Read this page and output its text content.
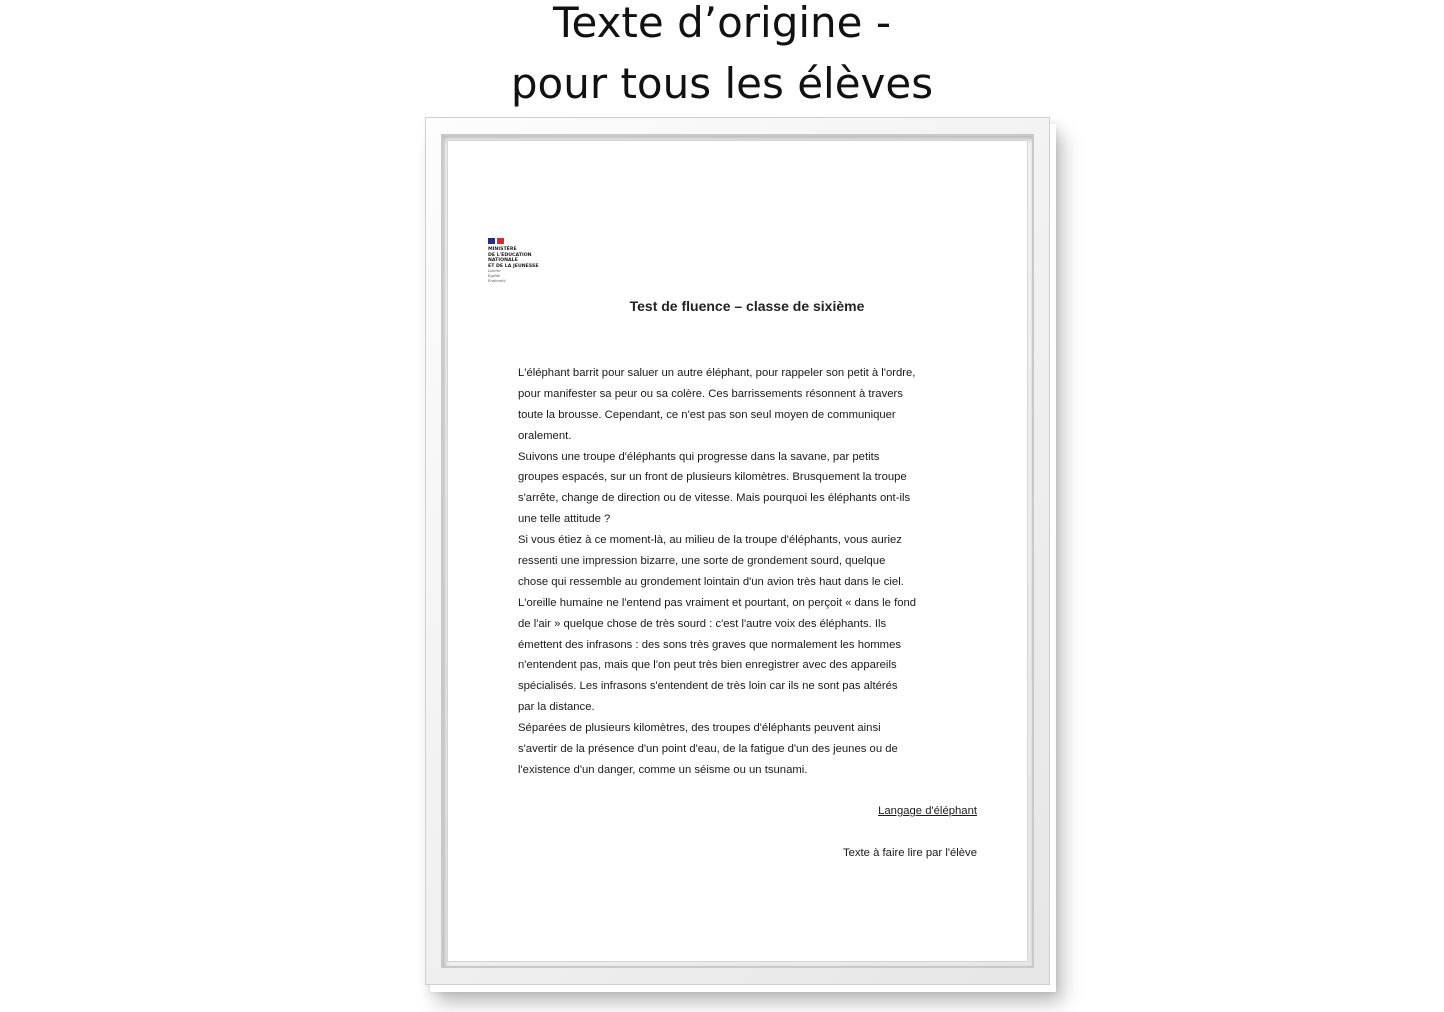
Texte d’origine -
pour tous les élèves
MINISTÈRE
DE L'ÉDUCATION
NATIONALE
ET DE LA JEUNESSE
Liberté
Égalité
Fraternité
Test de fluence – classe de sixième
L'éléphant barrit pour saluer un autre éléphant, pour rappeler son petit à l'ordre,
pour manifester sa peur ou sa colère. Ces barrissements résonnent à travers
toute la brousse. Cependant, ce n'est pas son seul moyen de communiquer
oralement.
Suivons une troupe d'éléphants qui progresse dans la savane, par petits
groupes espacés, sur un front de plusieurs kilomètres. Brusquement la troupe
s'arrête, change de direction ou de vitesse. Mais pourquoi les éléphants ont-ils
une telle attitude ?
Si vous étiez à ce moment-là, au milieu de la troupe d'éléphants, vous auriez
ressenti une impression bizarre, une sorte de grondement sourd, quelque
chose qui ressemble au grondement lointain d'un avion très haut dans le ciel.
L'oreille humaine ne l'entend pas vraiment et pourtant, on perçoit « dans le fond
de l'air » quelque chose de très sourd : c'est l'autre voix des éléphants. Ils
émettent des infrasons : des sons très graves que normalement les hommes
n'entendent pas, mais que l'on peut très bien enregistrer avec des appareils
spécialisés. Les infrasons s'entendent de très loin car ils ne sont pas altérés
par la distance.
Séparées de plusieurs kilomètres, des troupes d'éléphants peuvent ainsi
s'avertir de la présence d'un point d'eau, de la fatigue d'un des jeunes ou de
l'existence d'un danger, comme un séisme ou un tsunami.
Langage d'éléphant
Texte à faire lire par l'élève
